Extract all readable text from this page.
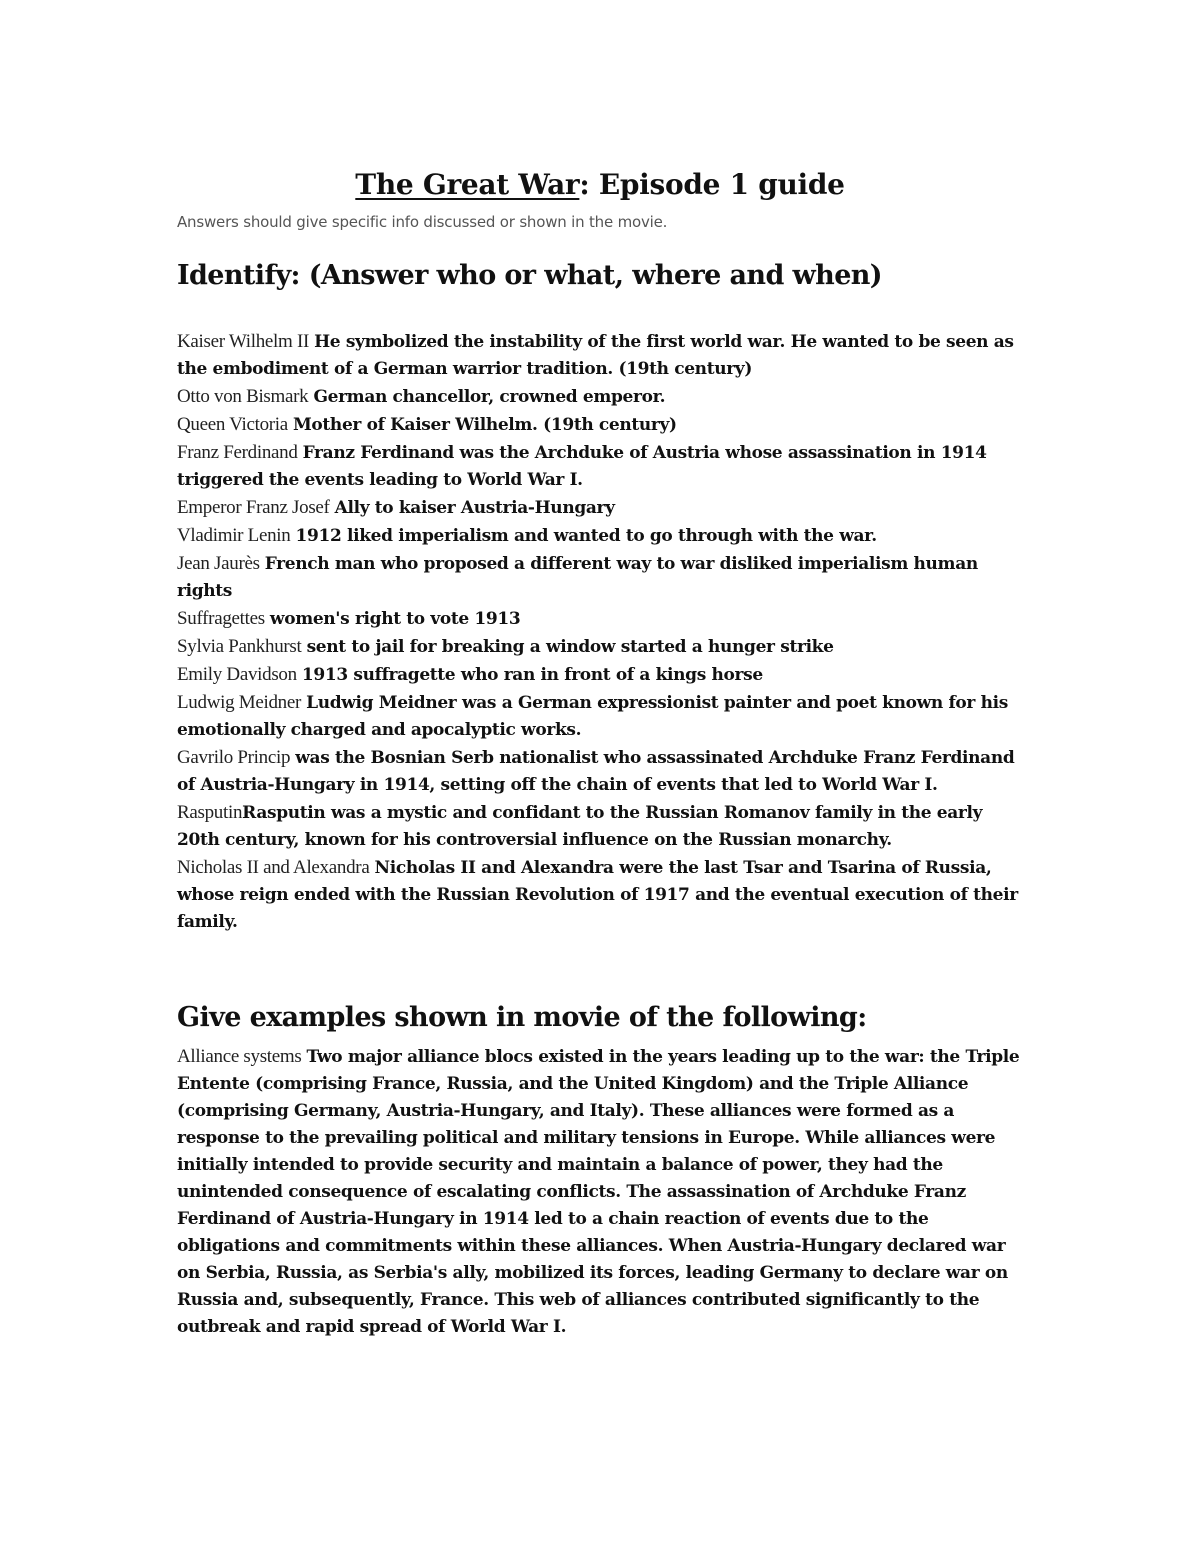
The Great War: Episode 1 guide
Answers should give specific info discussed or shown in the movie.
Identify: (Answer who or what, where and when)

Kaiser Wilhelm II He symbolized the instability of the first world war. He wanted to be seen as the embodiment of a German warrior tradition. (19th century)

Otto von Bismark German chancellor, crowned emperor.

Queen Victoria Mother of Kaiser Wilhelm. (19th century)

Franz Ferdinand Franz Ferdinand was the Archduke of Austria whose assassination in 1914 triggered the events leading to World War I.

Emperor Franz Josef Ally to kaiser Austria-Hungary

Vladimir Lenin 1912 liked imperialism and wanted to go through with the war.

Jean Jaurès French man who proposed a different way to war disliked imperialism human rights

Suffragettes women's right to vote 1913

Sylvia Pankhurst sent to jail for breaking a window started a hunger strike

Emily Davidson 1913 suffragette who ran in front of a kings horse

Ludwig Meidner Ludwig Meidner was a German expressionist painter and poet known for his emotionally charged and apocalyptic works.

Gavrilo Princip was the Bosnian Serb nationalist who assassinated Archduke Franz Ferdinand of Austria-Hungary in 1914, setting off the chain of events that led to World War I.

RasputinRasputin was a mystic and confidant to the Russian Romanov family in the early 20th century, known for his controversial influence on the Russian monarchy.

Nicholas II and Alexandra Nicholas II and Alexandra were the last Tsar and Tsarina of Russia, whose reign ended with the Russian Revolution of 1917 and the eventual execution of their family.

Give examples shown in movie of the following:

Alliance systems Two major alliance blocs existed in the years leading up to the war: the Triple Entente (comprising France, Russia, and the United Kingdom) and the Triple Alliance (comprising Germany, Austria-Hungary, and Italy). These alliances were formed as a response to the prevailing political and military tensions in Europe. While alliances were initially intended to provide security and maintain a balance of power, they had the unintended consequence of escalating conflicts. The assassination of Archduke Franz Ferdinand of Austria-Hungary in 1914 led to a chain reaction of events due to the obligations and commitments within these alliances. When Austria-Hungary declared war on Serbia, Russia, as Serbia's ally, mobilized its forces, leading Germany to declare war on Russia and, subsequently, France. This web of alliances contributed significantly to the outbreak and rapid spread of World War I.
